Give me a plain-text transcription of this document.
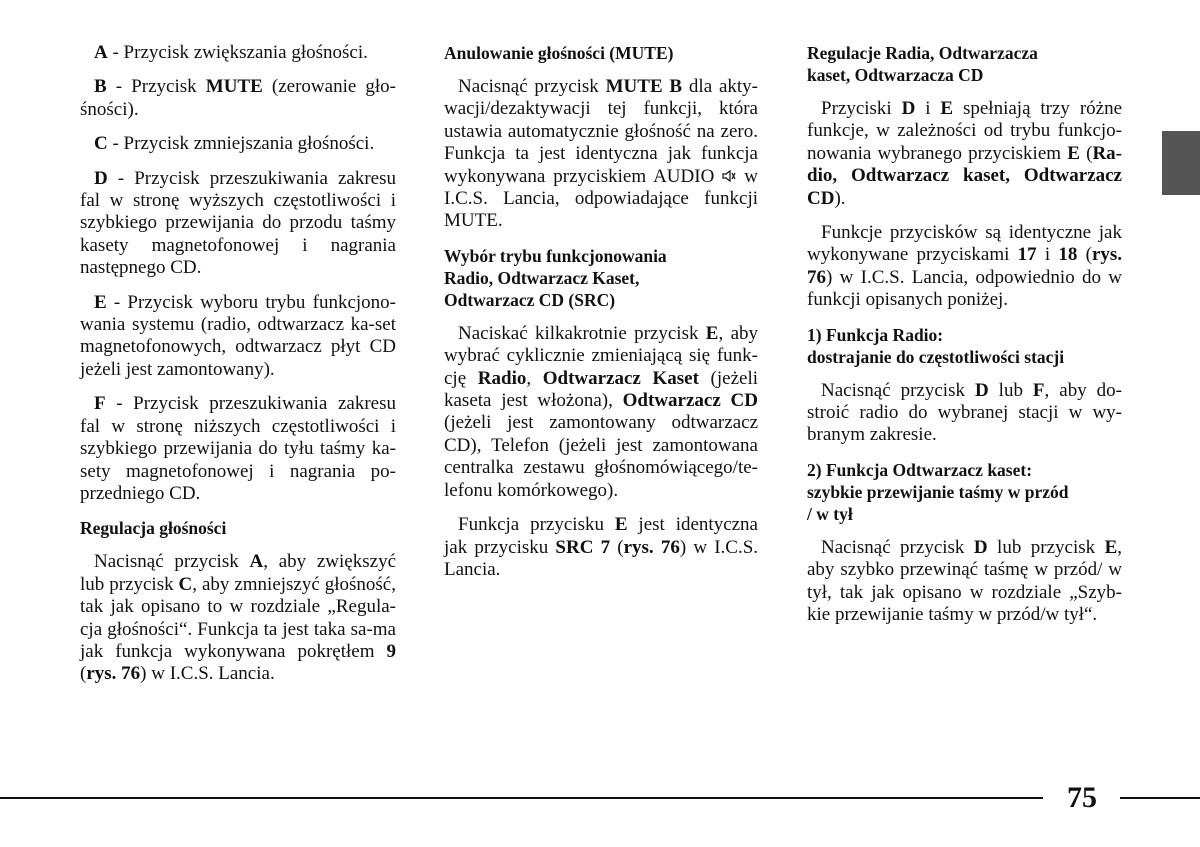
A - Przycisk zwiększania głośności.

B - Przycisk MUTE (zerowanie gło-śności).

C - Przycisk zmniejszania głośności.

D - Przycisk przeszukiwania zakresu fal w stronę wyższych częstotliwości i szybkiego przewijania do przodu taśmy kasety magnetofonowej i nagrania następnego CD.

E - Przycisk wyboru trybu funkcjono-wania systemu (radio, odtwarzacz ka-set magnetofonowych, odtwarzacz płyt CD jeżeli jest zamontowany).

F - Przycisk przeszukiwania zakresu fal w stronę niższych częstotliwości i szybkiego przewijania do tyłu taśmy ka-sety magnetofonowej i nagrania po-przedniego CD.

Regulacja głośności

Nacisnąć przycisk A, aby zwiększyć lub przycisk C, aby zmniejszyć głośność, tak jak opisano to w rozdziale „Regula-cja głośności“. Funkcja ta jest taka sa-ma jak funkcja wykonywana pokrętłem 9 (rys. 76) w I.C.S. Lancia.

Anulowanie głośności (MUTE)

Nacisnąć przycisk MUTE B dla akty-wacji/dezaktywacji tej funkcji, która ustawia automatycznie głośność na zero. Funkcja ta jest identyczna jak funkcja wykonywana przyciskiem AUDIO  w I.C.S. Lancia, odpowiadające funkcji MUTE.

Wybór trybu funkcjonowania
Radio, Odtwarzacz Kaset,
Odtwarzacz CD (SRC)

Naciskać kilkakrotnie przycisk E, aby wybrać cyklicznie zmieniającą się funk-cję Radio, Odtwarzacz Kaset (jeżeli kaseta jest włożona), Odtwarzacz CD (jeżeli jest zamontowany odtwarzacz CD), Telefon (jeżeli jest zamontowana centralka zestawu głośnomówiącego/te-lefonu komórkowego).

Funkcja przycisku E jest identyczna jak przycisku SRC 7 (rys. 76) w I.C.S. Lancia.

Regulacje Radia, Odtwarzacza
kaset, Odtwarzacza CD

Przyciski D i E spełniają trzy różne funkcje, w zależności od trybu funkcjo-nowania wybranego przyciskiem E (Ra-dio, Odtwarzacz kaset, Odtwarzacz CD).

Funkcje przycisków są identyczne jak wykonywane przyciskami 17 i 18 (rys. 76) w I.C.S. Lancia, odpowiednio do w funkcji opisanych poniżej.

1) Funkcja Radio:
dostrajanie do częstotliwości stacji

Nacisnąć przycisk D lub F, aby do-stroić radio do wybranej stacji w wy-branym zakresie.

2) Funkcja Odtwarzacz kaset:
szybkie przewijanie taśmy w przód
/ w tył

Nacisnąć przycisk D lub przycisk E, aby szybko przewinąć taśmę w przód/ w tył, tak jak opisano w rozdziale „Szyb-kie przewijanie taśmy w przód/w tył“.

75
